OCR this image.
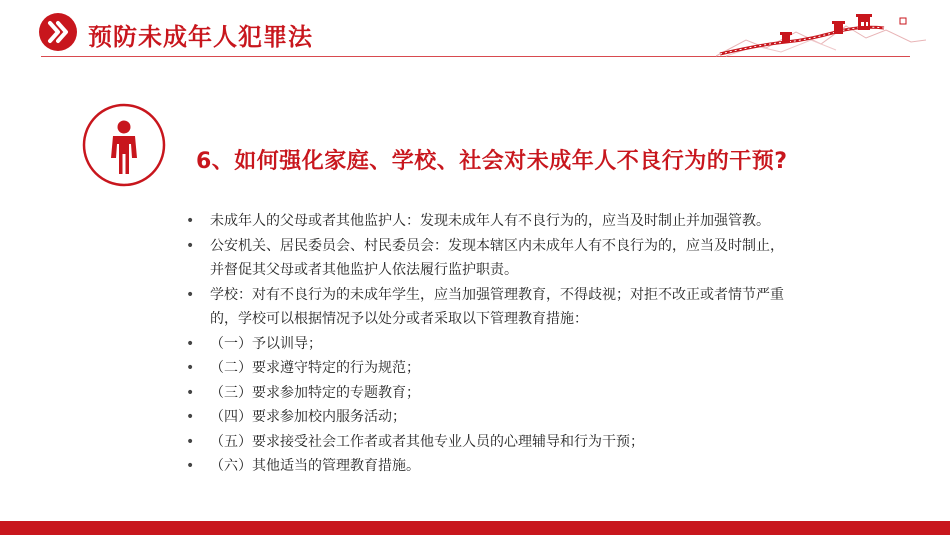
预防未成年人犯罪法
6、如何强化家庭、学校、社会对未成年人不良行为的干预?
• 未成年人的父母或者其他监护人：发现未成年人有不良行为的，应当及时制止并加强管教。
• 公安机关、居民委员会、村民委员会：发现本辖区内未成年人有不良行为的，应当及时制止，
并督促其父母或者其他监护人依法履行监护职责。
• 学校：对有不良行为的未成年学生，应当加强管理教育，不得歧视；对拒不改正或者情节严重
的，学校可以根据情况予以处分或者采取以下管理教育措施：
• （一）予以训导；
• （二）要求遵守特定的行为规范；
• （三）要求参加特定的专题教育；
• （四）要求参加校内服务活动；
• （五）要求接受社会工作者或者其他专业人员的心理辅导和行为干预；
• （六）其他适当的管理教育措施。
